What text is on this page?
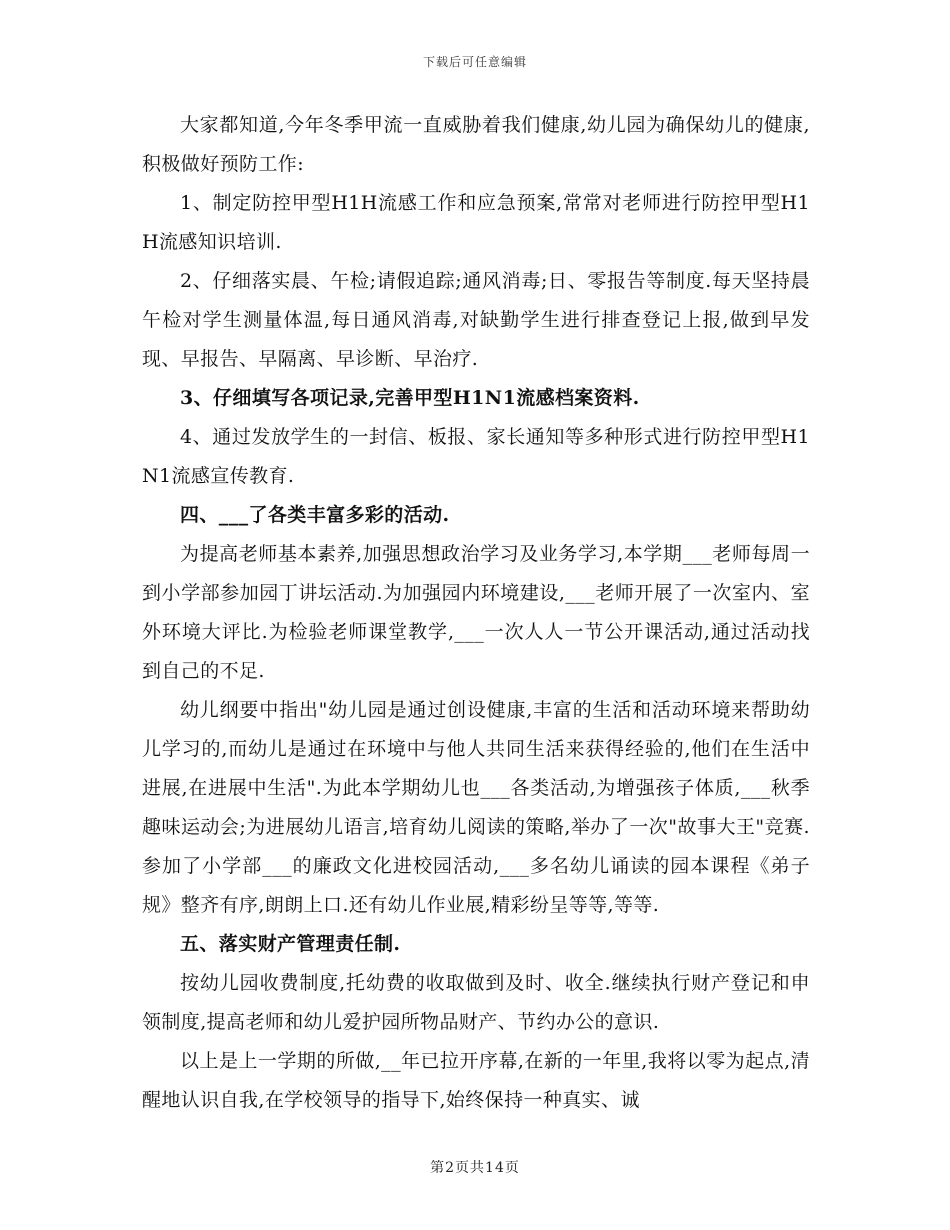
下载后可任意编辑

大家都知道,今年冬季甲流一直威胁着我们健康,幼儿园为确保幼儿的健康,积极做好预防工作:

1、制定防控甲型H1H流感工作和应急预案,常常对老师进行防控甲型H1H流感知识培训.

2、仔细落实晨、午检;请假追踪;通风消毒;日、零报告等制度.每天坚持晨午检对学生测量体温,每日通风消毒,对缺勤学生进行排查登记上报,做到早发现、早报告、早隔离、早诊断、早治疗.

3、仔细填写各项记录,完善甲型H1N1流感档案资料.

4、通过发放学生的一封信、板报、家长通知等多种形式进行防控甲型H1N1流感宣传教育.

四、___了各类丰富多彩的活动.

为提高老师基本素养,加强思想政治学习及业务学习,本学期___老师每周一到小学部参加园丁讲坛活动.为加强园内环境建设,___老师开展了一次室内、室外环境大评比.为检验老师课堂教学,___一次人人一节公开课活动,通过活动找到自己的不足.

幼儿纲要中指出"幼儿园是通过创设健康,丰富的生活和活动环境来帮助幼儿学习的,而幼儿是通过在环境中与他人共同生活来获得经验的,他们在生活中进展,在进展中生活".为此本学期幼儿也___各类活动,为增强孩子体质,___秋季趣味运动会;为进展幼儿语言,培育幼儿阅读的策略,举办了一次"故事大王"竞赛.参加了小学部___的廉政文化进校园活动,___多名幼儿诵读的园本课程《弟子规》整齐有序,朗朗上口.还有幼儿作业展,精彩纷呈等等,等等.

五、落实财产管理责任制.

按幼儿园收费制度,托幼费的收取做到及时、收全.继续执行财产登记和申领制度,提高老师和幼儿爱护园所物品财产、节约办公的意识.

以上是上一学期的所做,__年已拉开序幕,在新的一年里,我将以零为起点,清醒地认识自我,在学校领导的指导下,始终保持一种真实、诚

第2页共14页
